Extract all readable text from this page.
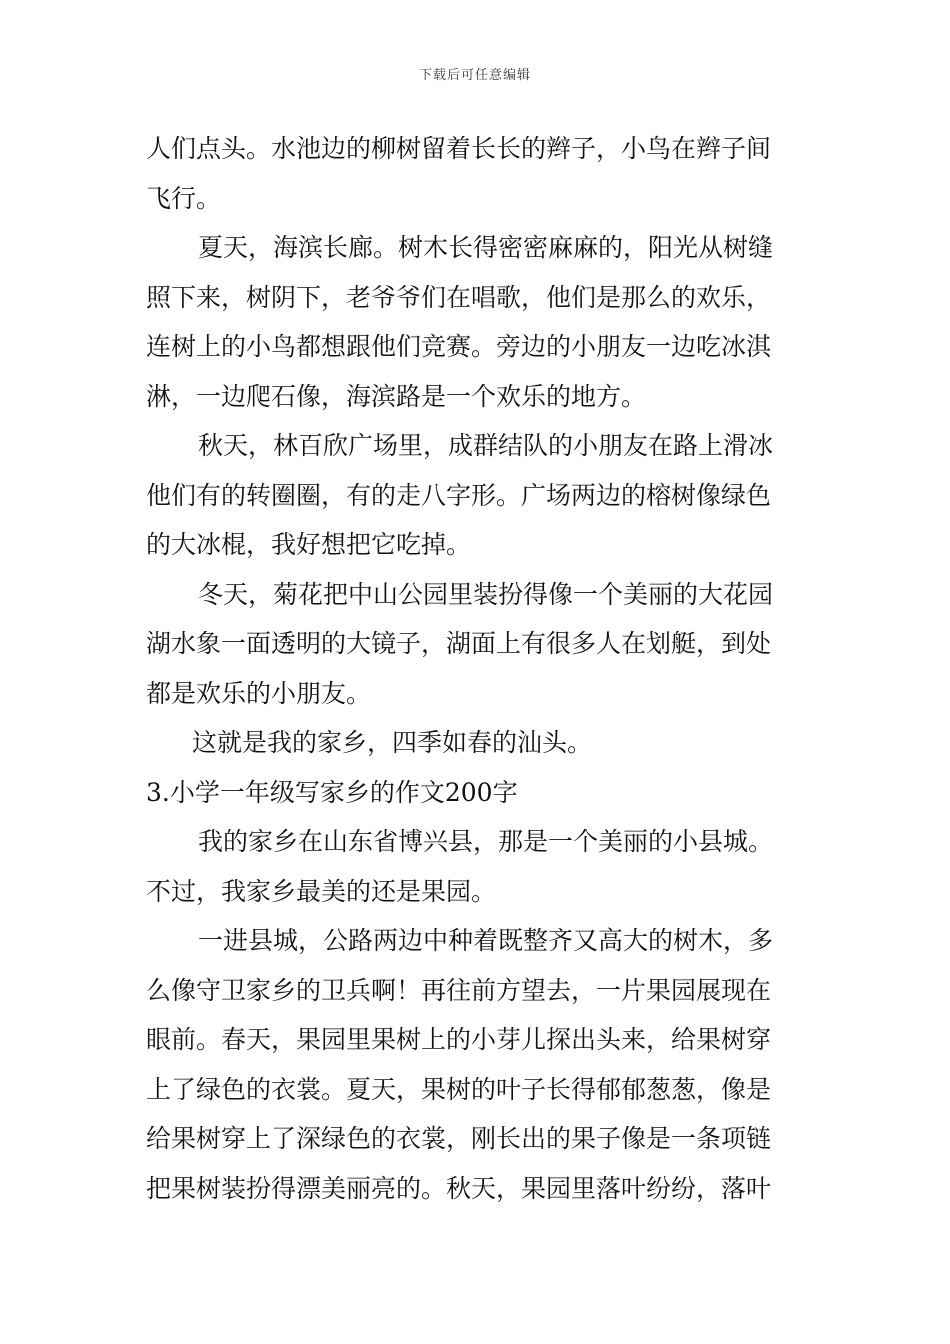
下载后可任意编辑
人们点头。水池边的柳树留着长长的辫子，小鸟在辫子间
飞行。
夏天，海滨长廊。树木长得密密麻麻的，阳光从树缝
照下来，树阴下，老爷爷们在唱歌，他们是那么的欢乐，
连树上的小鸟都想跟他们竞赛。旁边的小朋友一边吃冰淇
淋，一边爬石像，海滨路是一个欢乐的地方。
秋天，林百欣广场里，成群结队的小朋友在路上滑冰
他们有的转圈圈，有的走八字形。广场两边的榕树像绿色
的大冰棍，我好想把它吃掉。
冬天，菊花把中山公园里装扮得像一个美丽的大花园
湖水象一面透明的大镜子，湖面上有很多人在划艇，到处
都是欢乐的小朋友。
这就是我的家乡，四季如春的汕头。
3.小学一年级写家乡的作文200字
我的家乡在山东省博兴县，那是一个美丽的小县城。
不过，我家乡最美的还是果园。
一进县城，公路两边中种着既整齐又高大的树木，多
么像守卫家乡的卫兵啊！再往前方望去，一片果园展现在
眼前。春天，果园里果树上的小芽儿探出头来，给果树穿
上了绿色的衣裳。夏天，果树的叶子长得郁郁葱葱，像是
给果树穿上了深绿色的衣裳，刚长出的果子像是一条项链
把果树装扮得漂美丽亮的。秋天，果园里落叶纷纷，落叶
